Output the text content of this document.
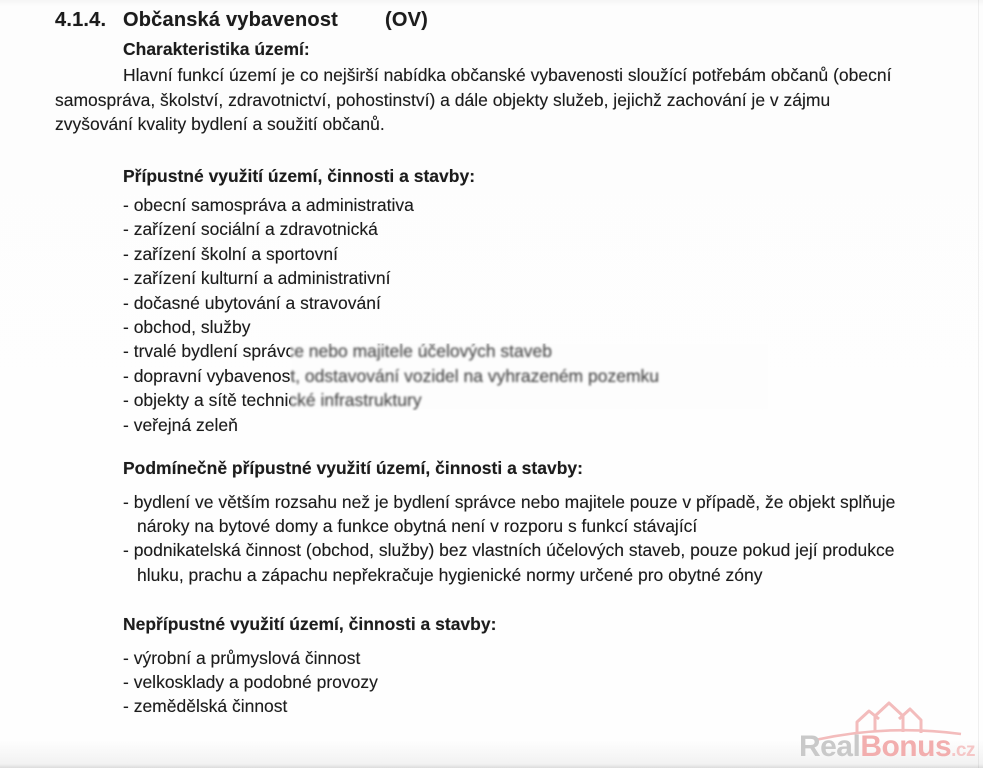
4.1.4. Občanská vybavenost (OV)
Charakteristika území:

Hlavní funkcí území je co nejširší nabídka občanské vybavenosti sloužící potřebám občanů (obecní samospráva, školství, zdravotnictví, pohostinství) a dále objekty služeb, jejichž zachování je v zájmu zvyšování kvality bydlení a soužití občanů.

Přípustné využití území, činnosti a stavby:
- obecní samospráva a administrativa
- zařízení sociální a zdravotnická
- zařízení školní a sportovní
- zařízení kulturní a administrativní
- dočasné ubytování a stravování
- obchod, služby
- trvalé bydlení správce nebo majitele účelových staveb
- dopravní vybavenost, odstavování vozidel na vyhrazeném pozemku
- objekty a sítě technické infrastruktury
- veřejná zeleň
Podmínečně přípustné využití území, činnosti a stavby:
- bydlení ve větším rozsahu než je bydlení správce nebo majitele pouze v případě, že objekt splňuje nároky na bytové domy a funkce obytná není v rozporu s funkcí stávající
- podnikatelská činnost (obchod, služby) bez vlastních účelových staveb, pouze pokud její produkce hluku, prachu a zápachu nepřekračuje hygienické normy určené pro obytné zóny
Nepřípustné využití území, činnosti a stavby:
- výrobní a průmyslová činnost
- velkosklady a podobné provozy
- zemědělská činnost
RealBonus.cz
